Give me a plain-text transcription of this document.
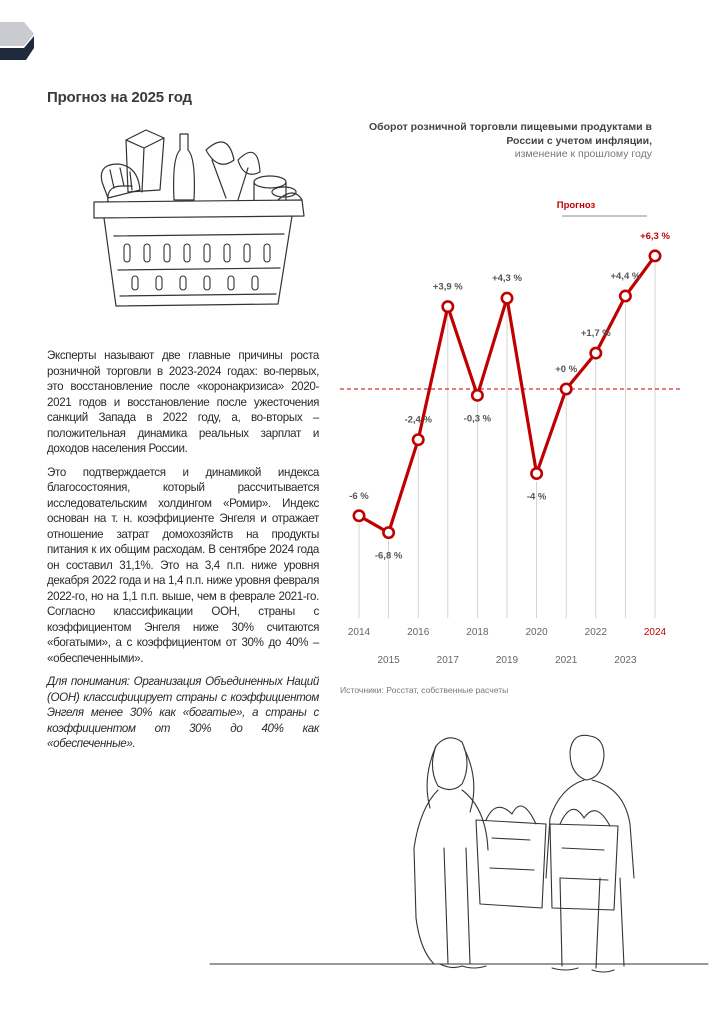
Прогноз на 2025 год

Эксперты называют две главные причины роста розничной торговли в 2023-2024 годах: во-первых, это восстановление после «коронакризиса» 2020-2021 годов и восстановление после ужесточения санкций Запада в 2022 году, а, во-вторых – положительная динамика реальных зарплат и доходов населения России.

Это подтверждается и динамикой индекса благосостояния, который рассчитывается исследовательским холдингом «Ромир». Индекс основан на т. н. коэффициенте Энгеля и отражает отношение затрат домохозяйств на продукты питания к их общим расходам. В сентябре 2024 года он составил 31,1%. Это на 3,4 п.п. ниже уровня декабря 2022 года и на 1,4 п.п. ниже уровня февраля 2022-го, но на 1,1 п.п. выше, чем в феврале 2021-го. Согласно классификации ООН, страны с коэффициентом Энгеля ниже 30% считаются «богатыми», а с коэффициентом от 30% до 40% – «обеспеченными».

Для понимания: Организация Объединенных Наций (ООН) классифицирует страны с коэффициентом Энгеля менее 30% как «богатые», а страны с коэффициентом от 30% до 40% как «обеспеченные».

Оборот розничной торговли пищевыми продуктами в России с учетом инфляции,
изменение к прошлому году
-6 %
-6,8 %
-2,4 %
+3,9 %
-0,3 %
+4,3 %
-4 %
+0 %
+1,7 %
+4,4 %
+6,3 %
Прогноз
2014
2015
2016
2017
2018
2019
2020
2021
2022
2023
2024
Источники: Росстат, собственные расчеты
